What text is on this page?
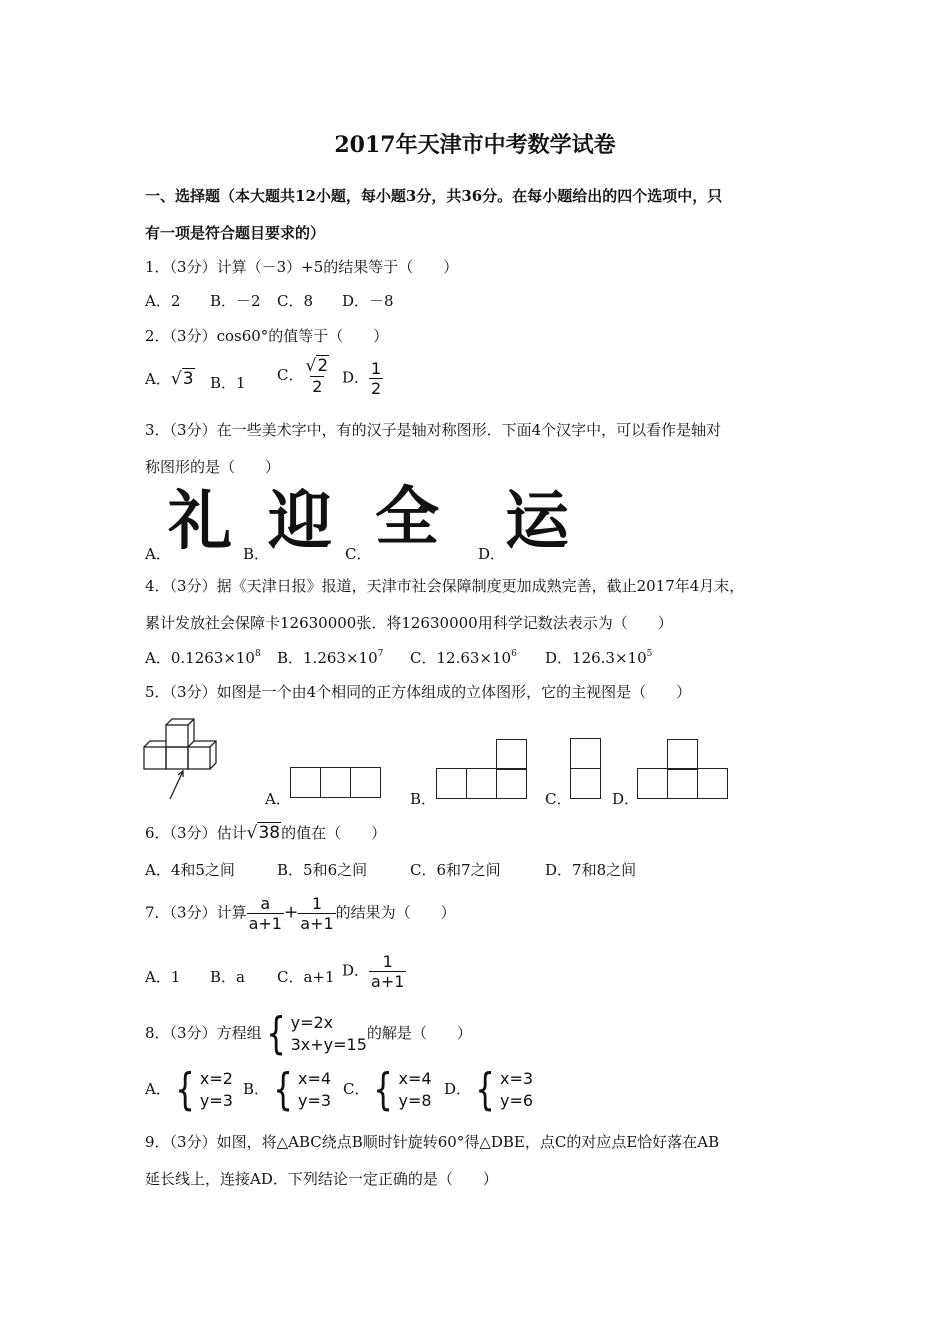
2017年天津市中考数学试卷
一、选择题（本大题共12小题，每小题3分，共36分。在每小题给出的四个选项中，只
有一项是符合题目要求的）
1．（3分）计算（－3）+5的结果等于（　　）
A．2 B．－2 C．8 D．－8
2．（3分）cos60°的值等于（　　）
A．√3 B．1 C． $\frac{√2}{2}$ D． $\frac{1}{2}$
3．（3分）在一些美术字中，有的汉子是轴对称图形．下面4个汉字中，可以看作是轴对
称图形的是（　　）
A．
礼 B．
迎 C． 全	D． 运
4．（3分）据《天津日报》报道，天津市社会保障制度更加成熟完善，截止2017年4月末，
累计发放社会保障卡12630000张．将12630000用科学记数法表示为（　　）
A．$0.1263\times 10^8$ B．$1.263\times 10^7$ C．$12.63\times 10^6$ D．$126.3\times 10^5$
5．（3分）如图是一个由4个相同的正方体组成的立体图形，它的主视图是（　　）
A．	B．	C．	D．
6．（3分）估计√38的值在（　　）
A．4和5之间	B．5和6之间	C．6和7之间	D．7和8之间
7．（3分）计算 $\frac{a}{a+1} + \frac{1}{a+1}$ 的结果为（　　）
A．1 B．a C．a+1 D． $\frac{1}{a+1}$
8．（3分）方程组 { y=2x
3x+y=15
的解是（　　）
A． { x=2
y=3
B． { x=4
y=3
C． { x=4
y=8
D． { x=3
y=6
9．（3分）如图，将△ABC绕点B顺时针旋转60°得△DBE，点C的对应点E恰好落在AB
延长线上，连接AD．下列结论一定正确的是（　　）
